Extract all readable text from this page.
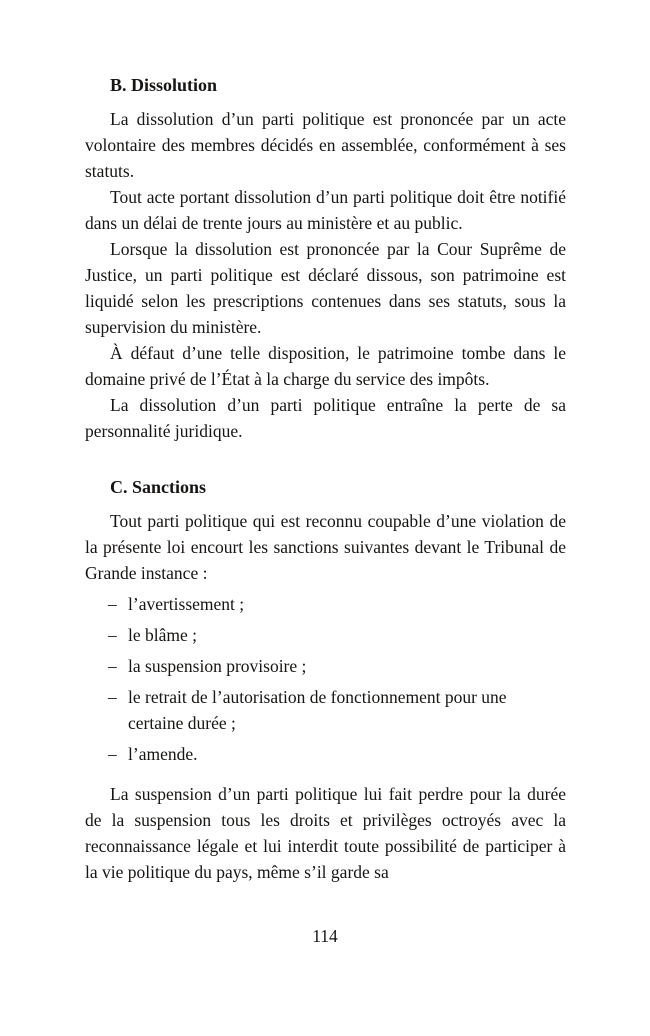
B. Dissolution

La dissolution d’un parti politique est prononcée par un acte volontaire des membres décidés en assemblée, conformément à ses statuts.

Tout acte portant dissolution d’un parti politique doit être notifié dans un délai de trente jours au ministère et au public.

Lorsque la dissolution est prononcée par la Cour Suprême de Justice, un parti politique est déclaré dissous, son patrimoine est liquidé selon les prescriptions contenues dans ses statuts, sous la supervision du ministère.

À défaut d’une telle disposition, le patrimoine tombe dans le domaine privé de l’État à la charge du service des impôts.

La dissolution d’un parti politique entraîne la perte de sa personnalité juridique.

C. Sanctions

Tout parti politique qui est reconnu coupable d’une violation de la présente loi encourt les sanctions suivantes devant le Tribunal de Grande instance :

– l’avertissement ;
– le blâme ;
– la suspension provisoire ;
– le retrait de l’autorisation de fonctionnement pour une certaine durée ;
– l’amende.

La suspension d’un parti politique lui fait perdre pour la durée de la suspension tous les droits et privilèges octroyés avec la reconnaissance légale et lui interdit toute possibilité de participer à la vie politique du pays, même s’il garde sa

114
